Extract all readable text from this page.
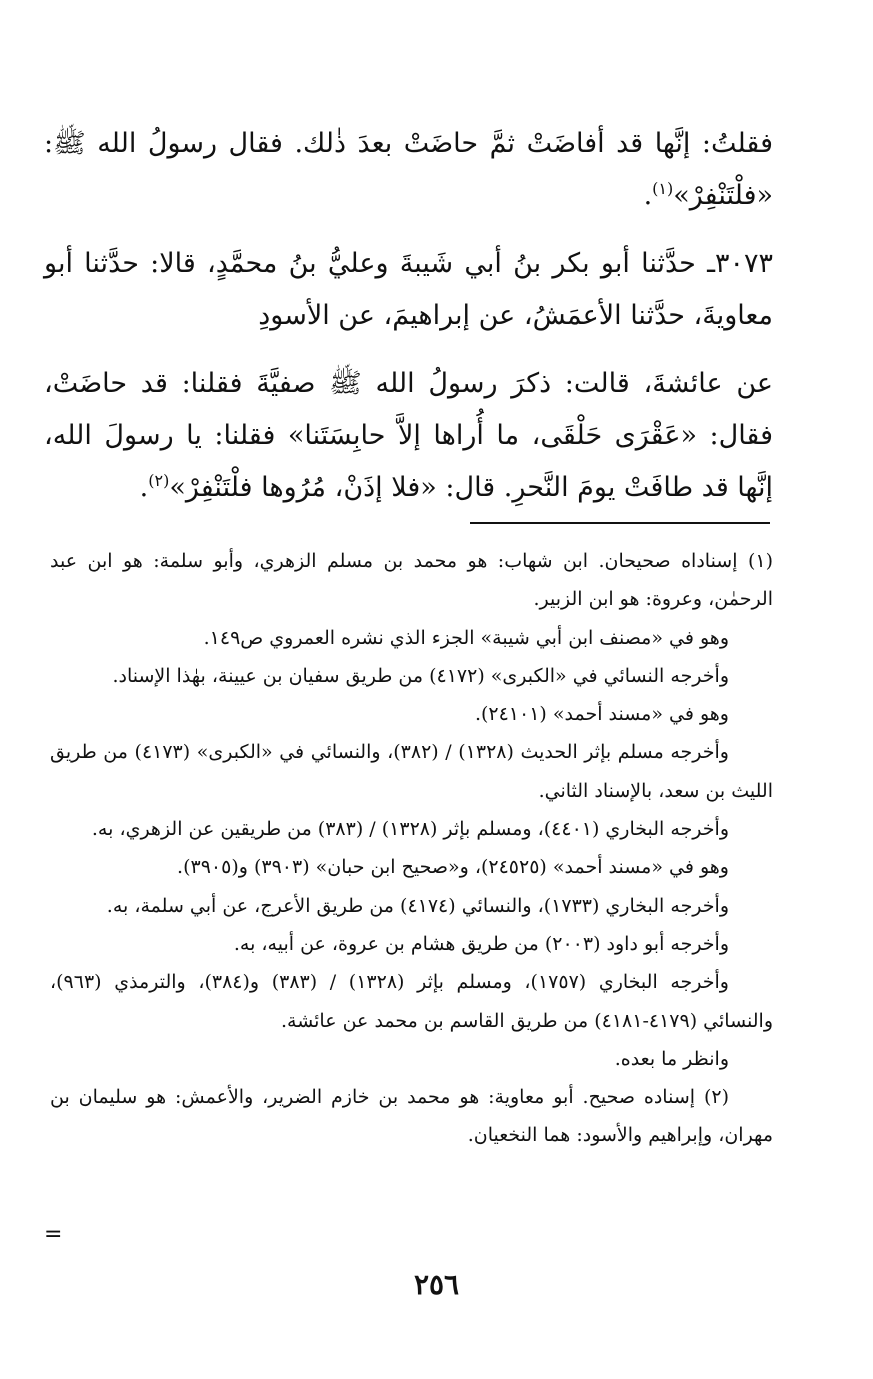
فقلتُ: إنَّها قد أفاضَتْ ثمَّ حاضَتْ بعدَ ذٰلك. فقال رسولُ الله ﷺ: «فلْتَنْفِرْ»$^{(١)}$.

٣٠٧٣ـ حدَّثنا أبو بكر بنُ أبي شَيبةَ وعليُّ بنُ محمَّدٍ، قالا: حدَّثنا أبو معاويةَ، حدَّثنا الأعمَشُ، عن إبراهيمَ، عن الأسودِ

عن عائشةَ، قالت: ذكرَ رسولُ الله ﷺ صفيَّةَ فقلنا: قد حاضَتْ، فقال: «عَقْرَى حَلْقَى، ما أُراها إلاَّ حابِسَتَنا» فقلنا: يا رسولَ الله، إنَّها قد طافَتْ يومَ النَّحرِ. قال: «فلا إذَنْ، مُرُوها فلْتَنْفِرْ»$^{(٢)}$.

(١) إسناداه صحيحان. ابن شهاب: هو محمد بن مسلم الزهري، وأبو سلمة: هو ابن عبد الرحمٰن، وعروة: هو ابن الزبير.

وهو في «مصنف ابن أبي شيبة» الجزء الذي نشره العمروي ص١٤٩.

وأخرجه النسائي في «الكبرى» (٤١٧٢) من طريق سفيان بن عيينة، بهٰذا الإسناد.

وهو في «مسند أحمد» (٢٤١٠١).

وأخرجه مسلم بإثر الحديث (١٣٢٨) / (٣٨٢)، والنسائي في «الكبرى» (٤١٧٣) من طريق الليث بن سعد، بالإسناد الثاني.

وأخرجه البخاري (٤٤٠١)، ومسلم بإثر (١٣٢٨) / (٣٨٣) من طريقين عن الزهري، به.

وهو في «مسند أحمد» (٢٤٥٢٥)، و«صحيح ابن حبان» (٣٩٠٣) و(٣٩٠٥).

وأخرجه البخاري (١٧٣٣)، والنسائي (٤١٧٤) من طريق الأعرج، عن أبي سلمة، به.

وأخرجه أبو داود (٢٠٠٣) من طريق هشام بن عروة، عن أبيه، به.

وأخرجه البخاري (١٧٥٧)، ومسلم بإثر (١٣٢٨) / (٣٨٣) و(٣٨٤)، والترمذي (٩٦٣)، والنسائي (٤١٧٩-٤١٨١) من طريق القاسم بن محمد عن عائشة.

وانظر ما بعده.

(٢) إسناده صحيح. أبو معاوية: هو محمد بن خازم الضرير، والأعمش: هو سليمان بن مهران، وإبراهيم والأسود: هما النخعيان.

=
٢٥٦
